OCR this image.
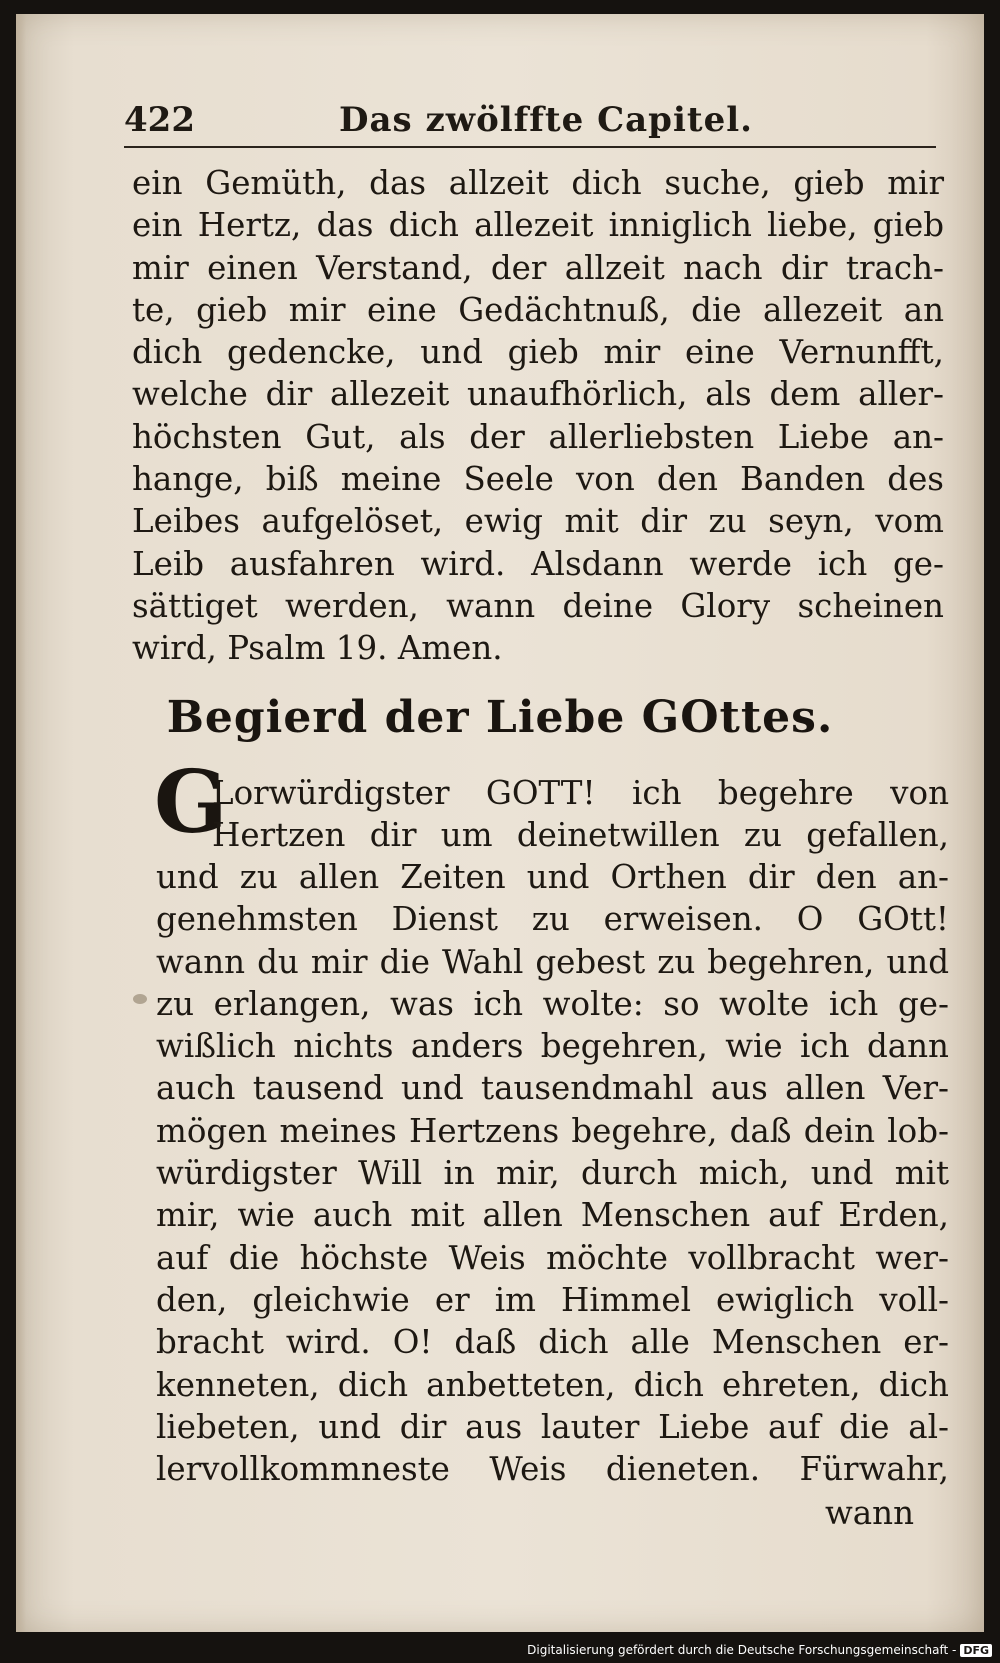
422	Das zwölffte Capitel.
ein Gemüth, das allzeit dich suche, gieb mir
ein Hertz, das dich allezeit inniglich liebe, gieb
mir einen Verstand, der allzeit nach dir trach-
te, gieb mir eine Gedächtnuß, die allezeit an
dich gedencke, und gieb mir eine Vernunfft,
welche dir allezeit unaufhörlich, als dem aller-
höchsten Gut, als der allerliebsten Liebe an-
hange, biß meine Seele von den Banden des
Leibes aufgelöset, ewig mit dir zu seyn, vom
Leib ausfahren wird. Alsdann werde ich ge-
sättiget werden, wann deine Glory scheinen
wird, Psalm 19. Amen.
Begierd der Liebe GOttes.
G
Lorwürdigster GOTT! ich begehre von
Hertzen dir um deinetwillen zu gefallen,
und zu allen Zeiten und Orthen dir den an-
genehmsten Dienst zu erweisen. O GOtt!
wann du mir die Wahl gebest zu begehren, und
zu erlangen, was ich wolte: so wolte ich ge-
wißlich nichts anders begehren, wie ich dann
auch tausend und tausendmahl aus allen Ver-
mögen meines Hertzens begehre, daß dein lob-
würdigster Will in mir, durch mich, und mit
mir, wie auch mit allen Menschen auf Erden,
auf die höchste Weis möchte vollbracht wer-
den, gleichwie er im Himmel ewiglich voll-
bracht wird. O! daß dich alle Menschen er-
kenneten, dich anbetteten, dich ehreten, dich
liebeten, und dir aus lauter Liebe auf die al-
lervollkommneste Weis dieneten. Fürwahr,
wann
Digitalisierung gefördert durch die Deutsche Forschungsgemeinschaft - DFG
